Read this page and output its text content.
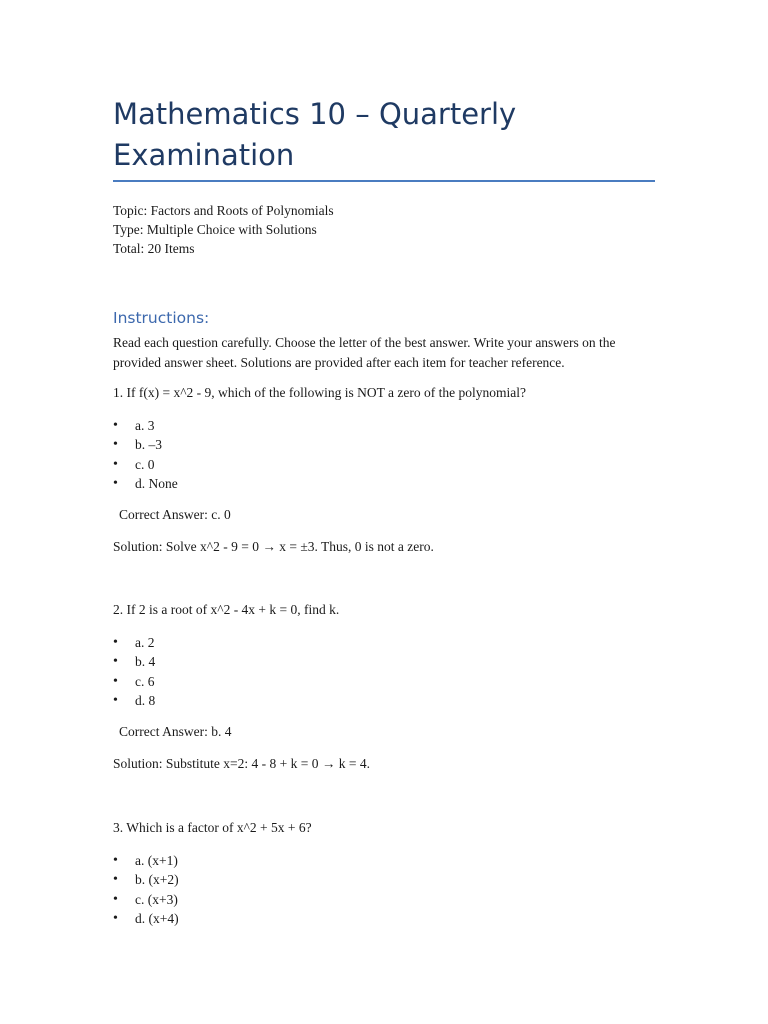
Mathematics 10 – Quarterly Examination
Topic: Factors and Roots of Polynomials
Type: Multiple Choice with Solutions
Total: 20 Items
Instructions:

Read each question carefully. Choose the letter of the best answer. Write your answers on the provided answer sheet. Solutions are provided after each item for teacher reference.

1. If f(x) = x^2 - 9, which of the following is NOT a zero of the polynomial?

• a. 3
• b. –3
• c. 0
• d. None

Correct Answer: c. 0

Solution: Solve x^2 - 9 = 0 → x = ±3. Thus, 0 is not a zero.

2. If 2 is a root of x^2 - 4x + k = 0, find k.

• a. 2
• b. 4
• c. 6
• d. 8

Correct Answer: b. 4

Solution: Substitute x=2: 4 - 8 + k = 0 → k = 4.

3. Which is a factor of x^2 + 5x + 6?

• a. (x+1)
• b. (x+2)
• c. (x+3)
• d. (x+4)
